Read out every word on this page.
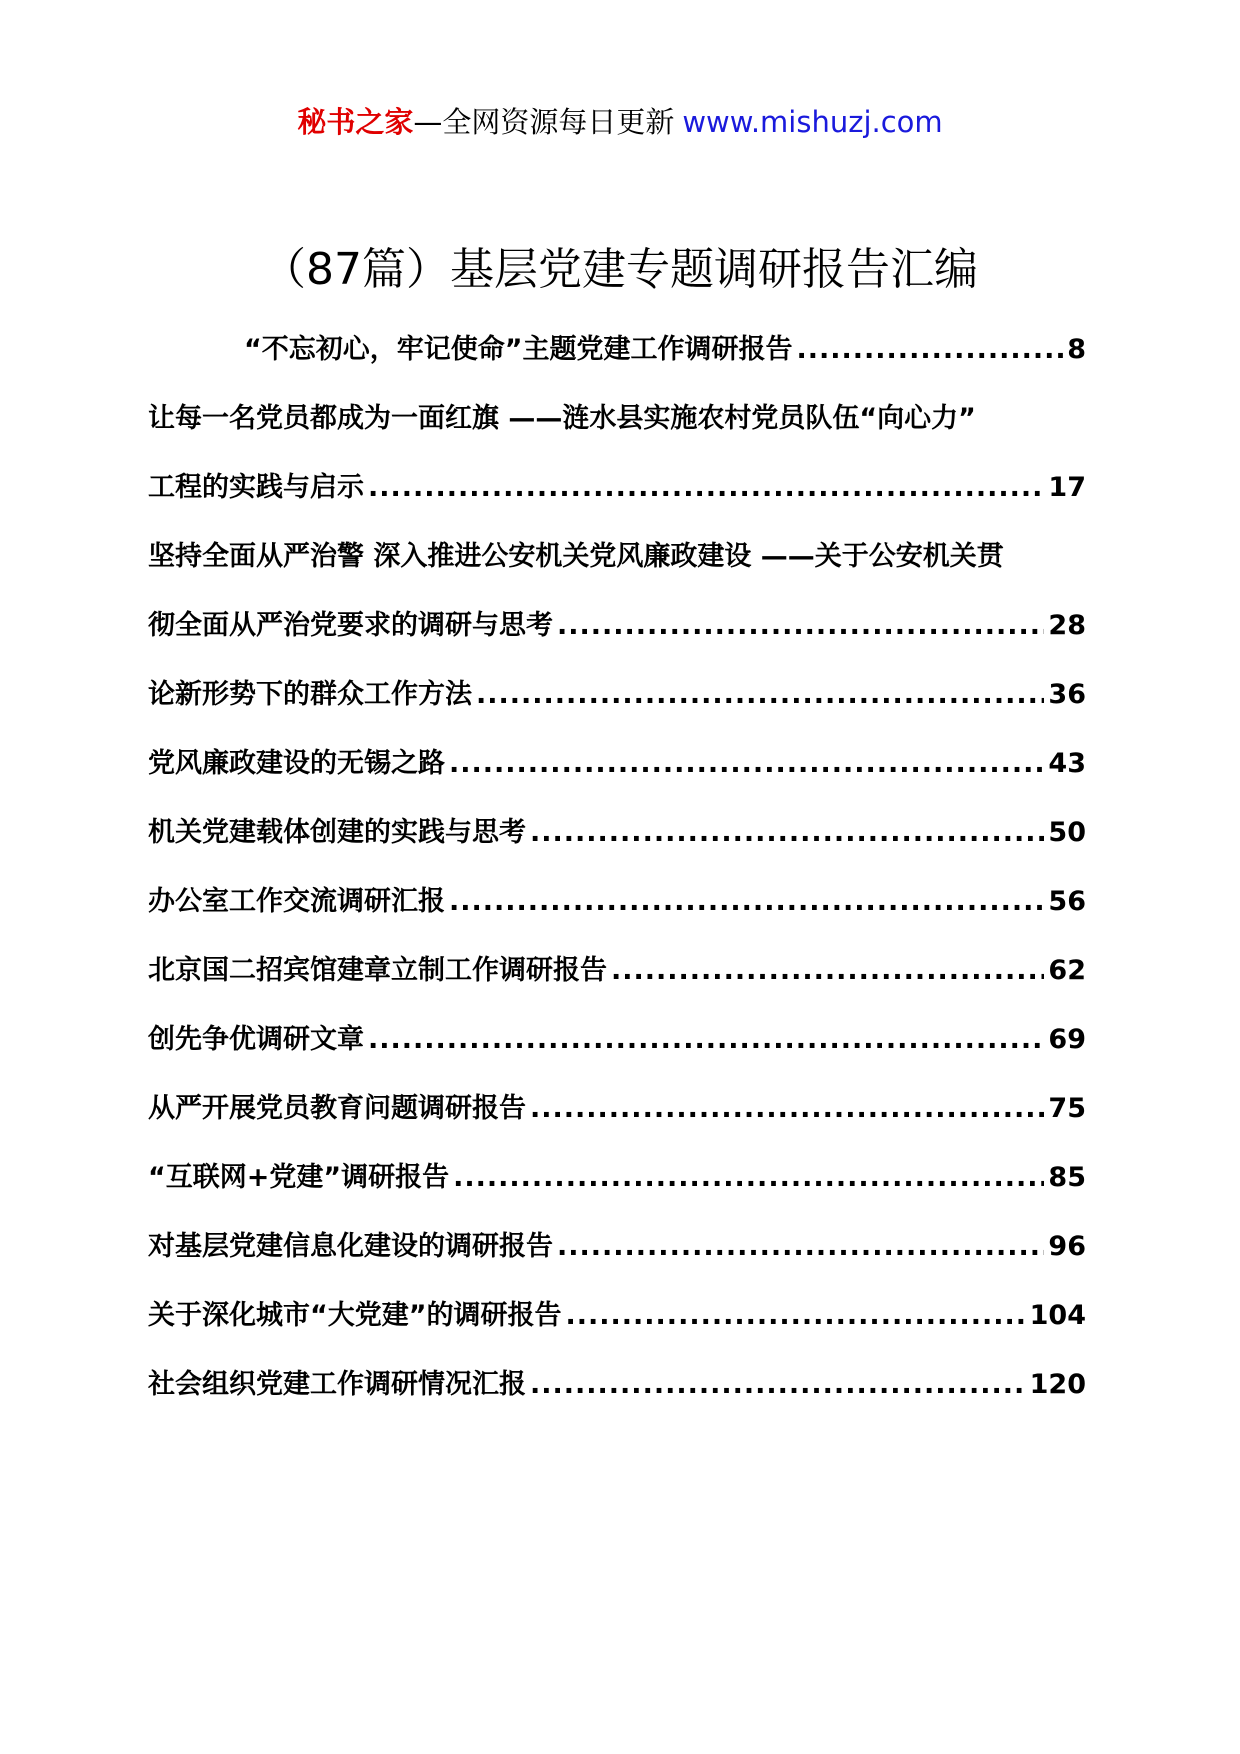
秘书之家—全网资源每日更新 www.mishuzj.com
（87篇）基层党建专题调研报告汇编
“不忘初心，牢记使命”主题党建工作调研报告 .....	8
让每一名党员都成为一面红旗 ——涟水县实施农村党员队伍“向心力”
工程的实践与启示 .....	17
坚持全面从严治警 深入推进公安机关党风廉政建设 ——关于公安机关贯
彻全面从严治党要求的调研与思考 .....	28
论新形势下的群众工作方法 .....	36
党风廉政建设的无锡之路 .....	43
机关党建载体创建的实践与思考 .....	50
办公室工作交流调研汇报 .....	56
北京国二招宾馆建章立制工作调研报告 .....	62
创先争优调研文章 .....	69
从严开展党员教育问题调研报告 .....	75
“互联网+党建”调研报告 .....	85
对基层党建信息化建设的调研报告 .....	96
关于深化城市“大党建”的调研报告 .....	104
社会组织党建工作调研情况汇报 .....	120
